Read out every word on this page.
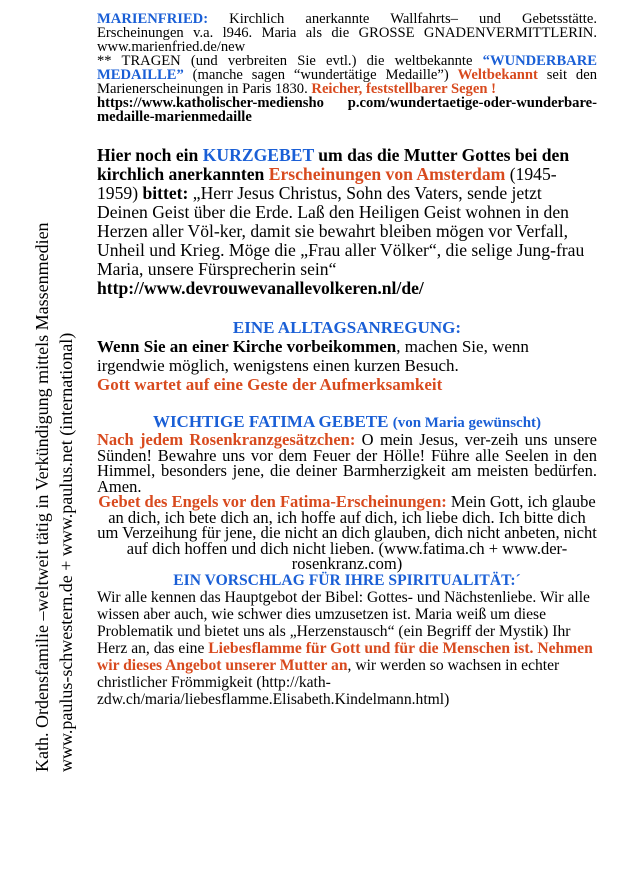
Kath. Ordensfamilie –weltweit tätig in Verkündigung mittels Massenmedien www.paulus-schwestern.de + www.paulus.net (international)

MARIENFRIED: Kirchlich anerkannte Wallfahrts– und Gebetsstätte. Erscheinungen v.a. l946. Maria als die GROSSE GNADENVERMITTLERIN. www.marienfried.de/new

** TRAGEN (und verbreiten Sie evtl.) die weltbekannte “WUNDERBARE MEDAILLE” (manche sagen “wundertätige Medaille”) Weltbekannt seit den Marienerscheinungen in Paris 1830. Reicher, feststellbarer Segen !

https://www.katholischer-mediensho p.com/wundertaetige-oder-wunderbare-medaille-marienmedaille

Hier noch ein KURZGEBET um das die Mutter Gottes bei den kirchlich anerkannten Erscheinungen von Amsterdam (1945-1959) bittet: „Herr Jesus Christus, Sohn des Vaters, sende jetzt Deinen Geist über die Erde. Laß den Heiligen Geist wohnen in den Herzen aller Völ-ker, damit sie bewahrt bleiben mögen vor Verfall, Unheil und Krieg. Möge die „Frau aller Völker“, die selige Jung-frau Maria, unsere Fürsprecherin sein“

http://www.devrouwevanallevolkeren.nl/de/

EINE ALLTAGSANREGUNG:

Wenn Sie an einer Kirche vorbeikommen, machen Sie, wenn irgendwie möglich, wenigstens einen kurzen Besuch.

Gott wartet auf eine Geste der Aufmerksamkeit

WICHTIGE FATIMA GEBETE (von Maria gewünscht)

Nach jedem Rosenkranzgesätzchen: O mein Jesus, ver-zeih uns unsere Sünden! Bewahre uns vor dem Feuer der Hölle! Führe alle Seelen in den Himmel, besonders jene, die deiner Barmherzigkeit am meisten bedürfen. Amen.

Gebet des Engels vor den Fatima-Erscheinungen: Mein Gott, ich glaube an dich, ich bete dich an, ich hoffe auf dich, ich liebe dich. Ich bitte dich um Verzeihung für jene, die nicht an dich glauben, dich nicht anbeten, nicht auf dich hoffen und dich nicht lieben. (www.fatima.ch + www.der-rosenkranz.com)

EIN VORSCHLAG FÜR IHRE SPIRITUALITÄT:´

Wir alle kennen das Hauptgebot der Bibel: Gottes- und Nächstenliebe. Wir alle wissen aber auch, wie schwer dies umzusetzen ist. Maria weiß um diese Problematik und bietet uns als „Herzenstausch“ (ein Begriff der Mystik) Ihr Herz an, das eine Liebesflamme für Gott und für die Menschen ist. Nehmen wir dieses Angebot unserer Mutter an, wir werden so wachsen in echter christlicher Frömmigkeit (http://kath-zdw.ch/maria/liebesflamme.Elisabeth.Kindelmann.html)
